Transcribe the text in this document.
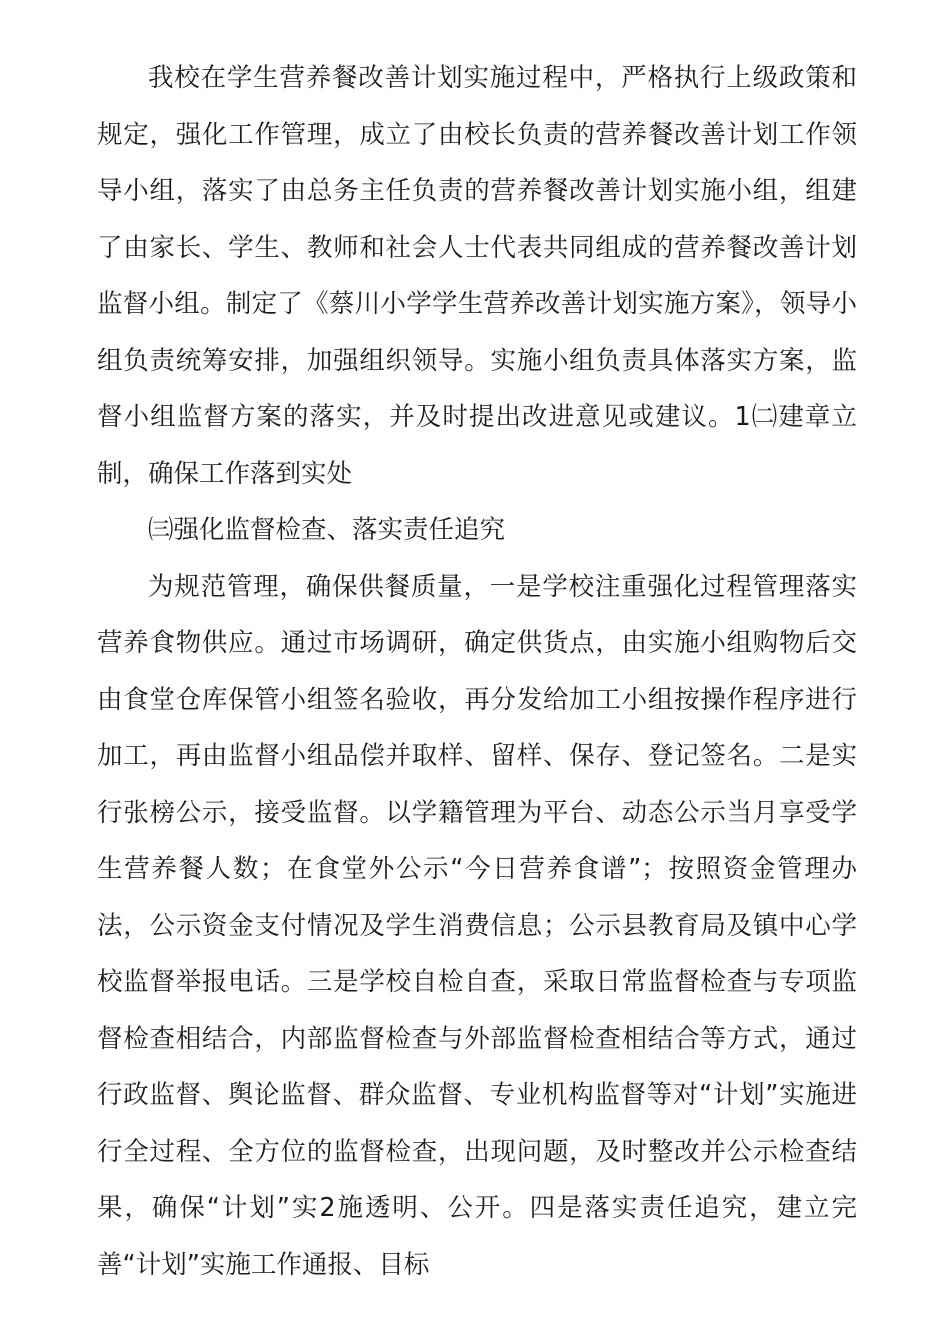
我校在学生营养餐改善计划实施过程中，严格执行上级政策和规定，强化工作管理，成立了由校长负责的营养餐改善计划工作领导小组，落实了由总务主任负责的营养餐改善计划实施小组，组建了由家长、学生、教师和社会人士代表共同组成的营养餐改善计划监督小组。制定了《蔡川小学学生营养改善计划实施方案》，领导小组负责统筹安排，加强组织领导。实施小组负责具体落实方案，监督小组监督方案的落实，并及时提出改进意见或建议。1㈡建章立制，确保工作落到实处

㈢强化监督检查、落实责任追究

为规范管理，确保供餐质量，一是学校注重强化过程管理落实营养食物供应。通过市场调研，确定供货点，由实施小组购物后交由食堂仓库保管小组签名验收，再分发给加工小组按操作程序进行加工，再由监督小组品偿并取样、留样、保存、登记签名。二是实行张榜公示，接受监督。以学籍管理为平台、动态公示当月享受学生营养餐人数；在食堂外公示“今日营养食谱”；按照资金管理办法，公示资金支付情况及学生消费信息；公示县教育局及镇中心学校监督举报电话。三是学校自检自查，采取日常监督检查与专项监督检查相结合，内部监督检查与外部监督检查相结合等方式，通过行政监督、舆论监督、群众监督、专业机构监督等对“计划”实施进行全过程、全方位的监督检查，出现问题，及时整改并公示检查结果，确保“计划”实2施透明、公开。四是落实责任追究，建立完善“计划”实施工作通报、目标
